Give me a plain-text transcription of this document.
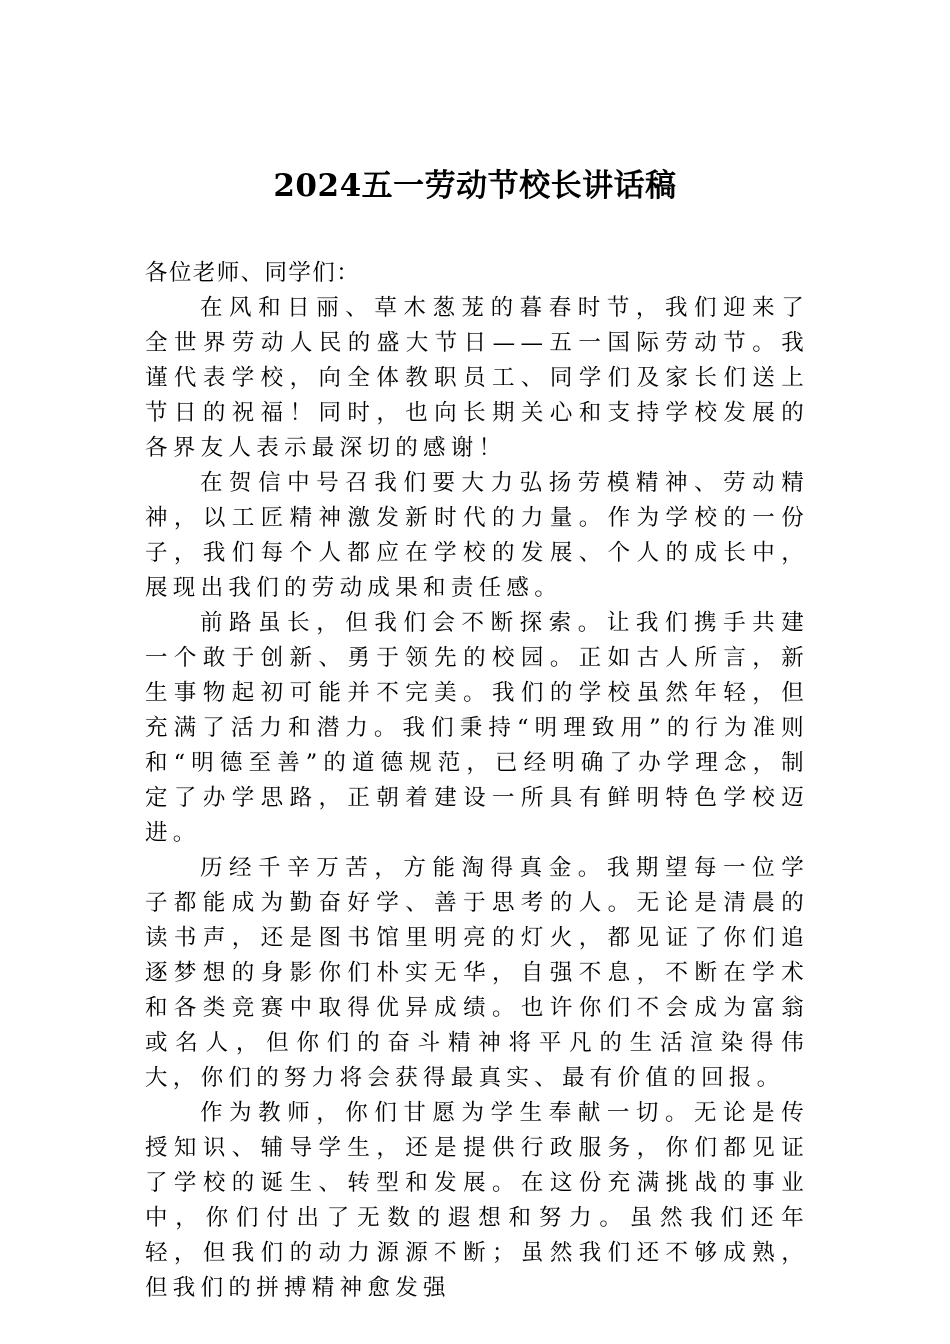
2024五一劳动节校长讲话稿

各位老师、同学们：

在风和日丽、草木葱茏的暮春时节，我们迎来了全世界劳动人民的盛大节日——五一国际劳动节。我谨代表学校，向全体教职员工、同学们及家长们送上节日的祝福！同时，也向长期关心和支持学校发展的各界友人表示最深切的感谢！

在贺信中号召我们要大力弘扬劳模精神、劳动精神，以工匠精神激发新时代的力量。作为学校的一份子，我们每个人都应在学校的发展、个人的成长中，展现出我们的劳动成果和责任感。

前路虽长，但我们会不断探索。让我们携手共建一个敢于创新、勇于领先的校园。正如古人所言，新生事物起初可能并不完美。我们的学校虽然年轻，但充满了活力和潜力。我们秉持“明理致用”的行为准则和“明德至善”的道德规范，已经明确了办学理念，制定了办学思路，正朝着建设一所具有鲜明特色学校迈进。

历经千辛万苦，方能淘得真金。我期望每一位学子都能成为勤奋好学、善于思考的人。无论是清晨的读书声，还是图书馆里明亮的灯火，都见证了你们追逐梦想的身影你们朴实无华，自强不息，不断在学术和各类竞赛中取得优异成绩。也许你们不会成为富翁或名人，但你们的奋斗精神将平凡的生活渲染得伟大，你们的努力将会获得最真实、最有价值的回报。

作为教师，你们甘愿为学生奉献一切。无论是传授知识、辅导学生，还是提供行政服务，你们都见证了学校的诞生、转型和发展。在这份充满挑战的事业中，你们付出了无数的遐想和努力。虽然我们还年轻，但我们的动力源源不断；虽然我们还不够成熟，但我们的拼搏精神愈发强
